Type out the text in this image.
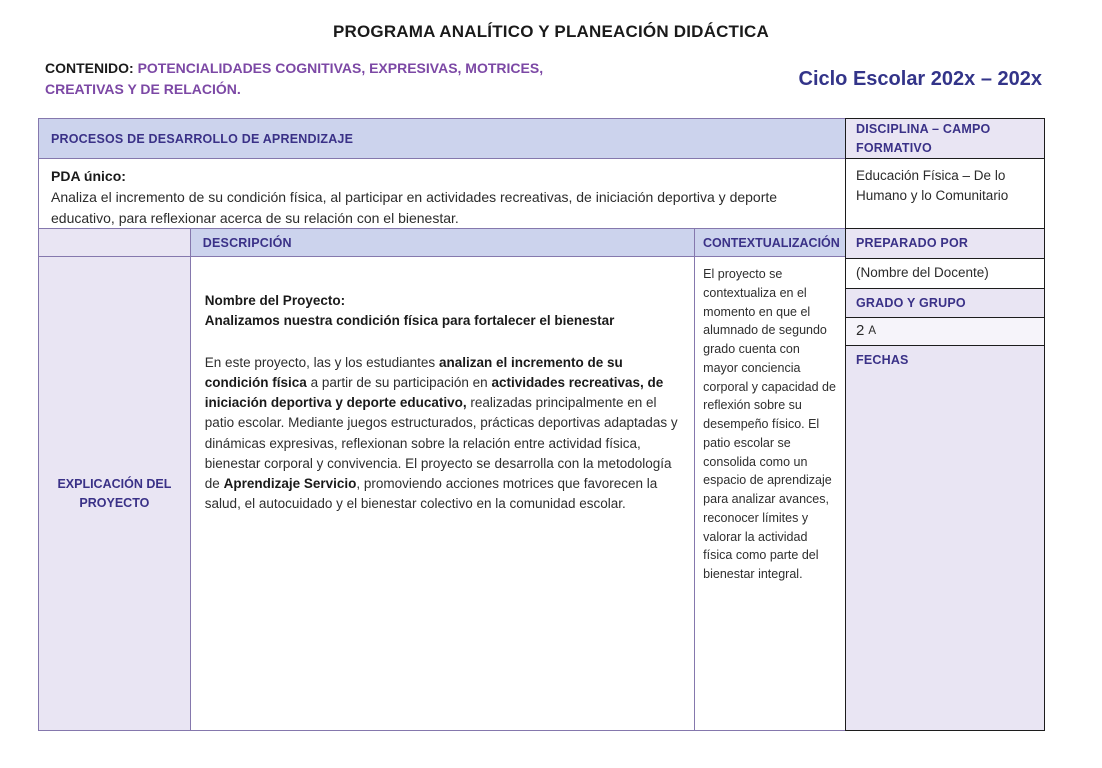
PROGRAMA ANALÍTICO Y PLANEACIÓN DIDÁCTICA
CONTENIDO: POTENCIALIDADES COGNITIVAS, EXPRESIVAS, MOTRICES, CREATIVAS Y DE RELACIÓN.	Ciclo Escolar 202x – 202x
PROCESOS DE DESARROLLO DE APRENDIZAJE
PDA único:
Analiza el incremento de su condición física, al participar en actividades recreativas, de iniciación deportiva y deporte educativo, para reflexionar acerca de su relación con el bienestar.
DESCRIPCIÓN	CONTEXTUALIZACIÓN
EXPLICACIÓN DEL PROYECTO
Nombre del Proyecto:
Analizamos nuestra condición física para fortalecer el bienestar
En este proyecto, las y los estudiantes analizan el incremento de su condición física a partir de su participación en actividades recreativas, de iniciación deportiva y deporte educativo, realizadas principalmente en el patio escolar. Mediante juegos estructurados, prácticas deportivas adaptadas y dinámicas expresivas, reflexionan sobre la relación entre actividad física, bienestar corporal y convivencia. El proyecto se desarrolla con la metodología de Aprendizaje Servicio, promoviendo acciones motrices que favorecen la salud, el autocuidado y el bienestar colectivo en la comunidad escolar.
El proyecto se contextualiza en el momento en que el alumnado de segundo grado cuenta con mayor conciencia corporal y capacidad de reflexión sobre su desempeño físico. El patio escolar se consolida como un espacio de aprendizaje para analizar avances, reconocer límites y valorar la actividad física como parte del bienestar integral.
DISCIPLINA – CAMPO FORMATIVO
Educación Física – De lo Humano y lo Comunitario
PREPARADO POR
(Nombre del Docente)
GRADO Y GRUPO
2 A
FECHAS
